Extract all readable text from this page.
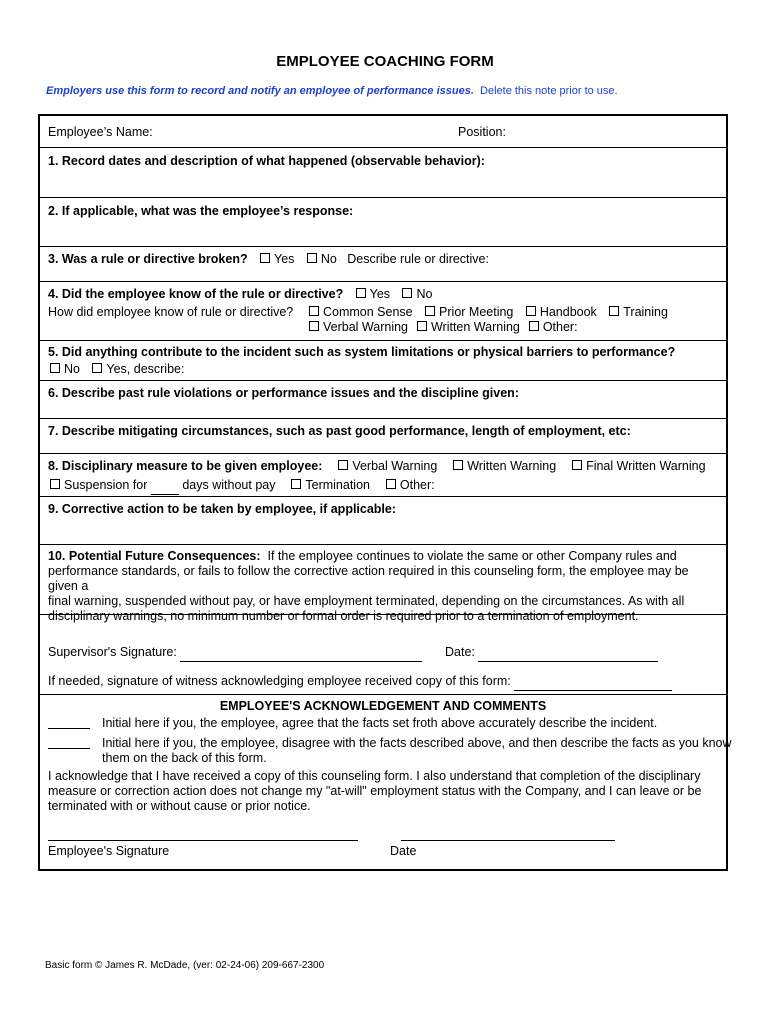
EMPLOYEE COACHING FORM
Employers use this form to record and notify an employee of performance issues. Delete this note prior to use.
Employee’s Name:	Position:
1. Record dates and description of what happened (observable behavior):
2. If applicable, what was the employee’s response:
3. Was a rule or directive broken? Yes No Describe rule or directive:
4. Did the employee know of the rule or directive? Yes No
How did employee know of rule or directive?	Common Sense Prior Meeting Handbook Training
Verbal Warning Written Warning Other:
5. Did anything contribute to the incident such as system limitations or physical barriers to performance?
No Yes, describe:
6. Describe past rule violations or performance issues and the discipline given:
7. Describe mitigating circumstances, such as past good performance, length of employment, etc:
8. Disciplinary measure to be given employee: Verbal Warning Written Warning Final Written Warning
Suspension for	days without pay Termination Other:
9. Corrective action to be taken by employee, if applicable:
10. Potential Future Consequences: If the employee continues to violate the same or other Company rules and
performance standards, or fails to follow the corrective action required in this counseling form, the employee may be given a
final warning, suspended without pay, or have employment terminated, depending on the circumstances. As with all
disciplinary warnings, no minimum number or formal order is required prior to a termination of employment.
Supervisor's Signature:	Date:
If needed, signature of witness acknowledging employee received copy of this form:
EMPLOYEE'S ACKNOWLEDGEMENT AND COMMENTS
Initial here if you, the employee, agree that the facts set froth above accurately describe the incident.
Initial here if you, the employee, disagree with the facts described above, and then describe the facts as you know
them on the back of this form.
I acknowledge that I have received a copy of this counseling form. I also understand that completion of the disciplinary
measure or correction action does not change my "at-will" employment status with the Company, and I can leave or be
terminated with or without cause or prior notice.
Employee's Signature	Date
Basic form © James R. McDade, (ver: 02-24-06) 209-667-2300
